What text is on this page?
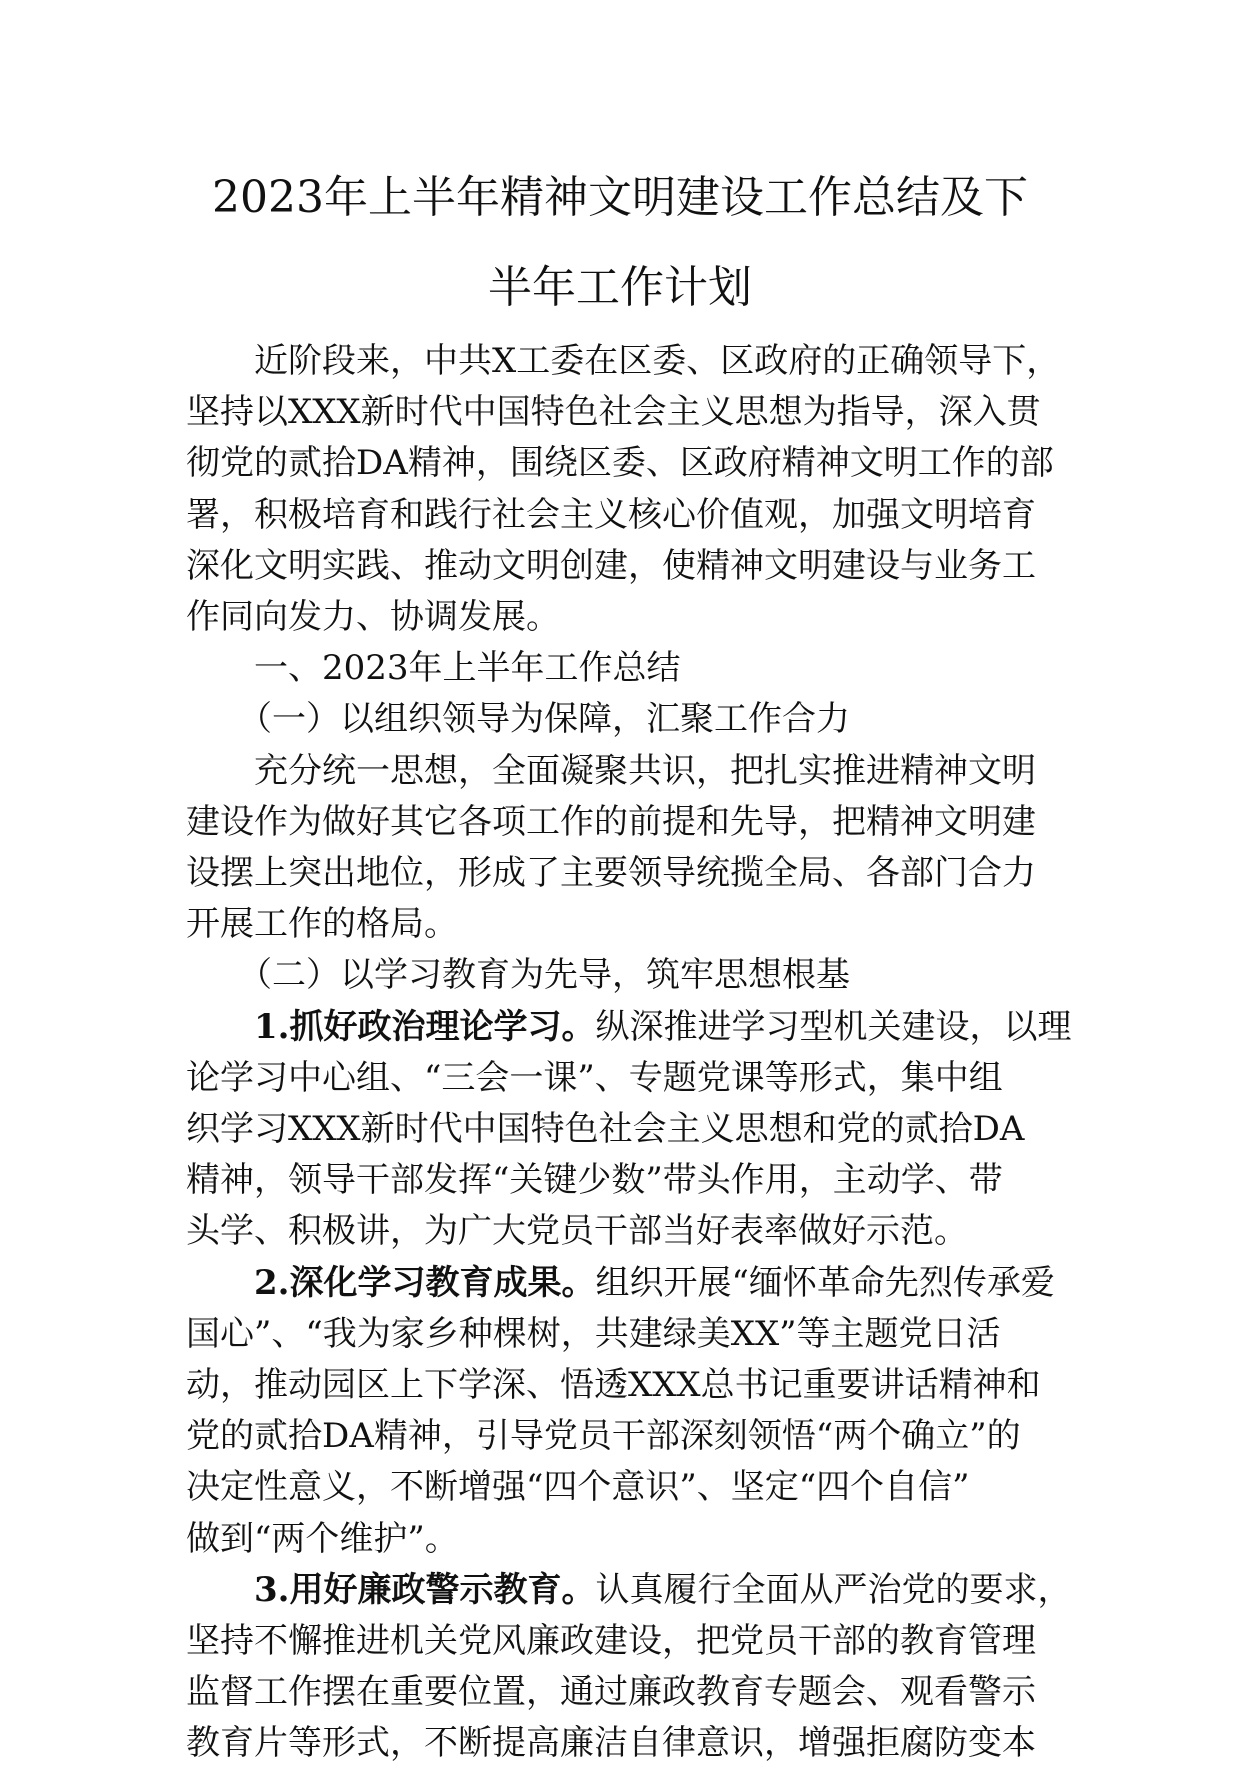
2023年上半年精神文明建设工作总结及下
半年工作计划
近阶段来，中共X工委在区委、区政府的正确领导下，
坚持以XXX新时代中国特色社会主义思想为指导，深入贯
彻党的贰拾DA精神，围绕区委、区政府精神文明工作的部
署，积极培育和践行社会主义核心价值观，加强文明培育
深化文明实践、推动文明创建，使精神文明建设与业务工
作同向发力、协调发展。
一、2023年上半年工作总结
（一）以组织领导为保障，汇聚工作合力
充分统一思想，全面凝聚共识，把扎实推进精神文明
建设作为做好其它各项工作的前提和先导，把精神文明建
设摆上突出地位，形成了主要领导统揽全局、各部门合力
开展工作的格局。
（二）以学习教育为先导，筑牢思想根基
1.抓好政治理论学习。纵深推进学习型机关建设，以理
论学习中心组、“三会一课”、专题党课等形式，集中组
织学习XXX新时代中国特色社会主义思想和党的贰拾DA
精神，领导干部发挥“关键少数”带头作用，主动学、带
头学、积极讲，为广大党员干部当好表率做好示范。
2.深化学习教育成果。组织开展“缅怀革命先烈传承爱
国心”、“我为家乡种棵树，共建绿美XX”等主题党日活
动，推动园区上下学深、悟透XXX总书记重要讲话精神和
党的贰拾DA精神，引导党员干部深刻领悟“两个确立”的
决定性意义，不断增强“四个意识”、坚定“四个自信”
做到“两个维护”。
3.用好廉政警示教育。认真履行全面从严治党的要求，
坚持不懈推进机关党风廉政建设，把党员干部的教育管理
监督工作摆在重要位置，通过廉政教育专题会、观看警示
教育片等形式，不断提高廉洁自律意识，增强拒腐防变本
